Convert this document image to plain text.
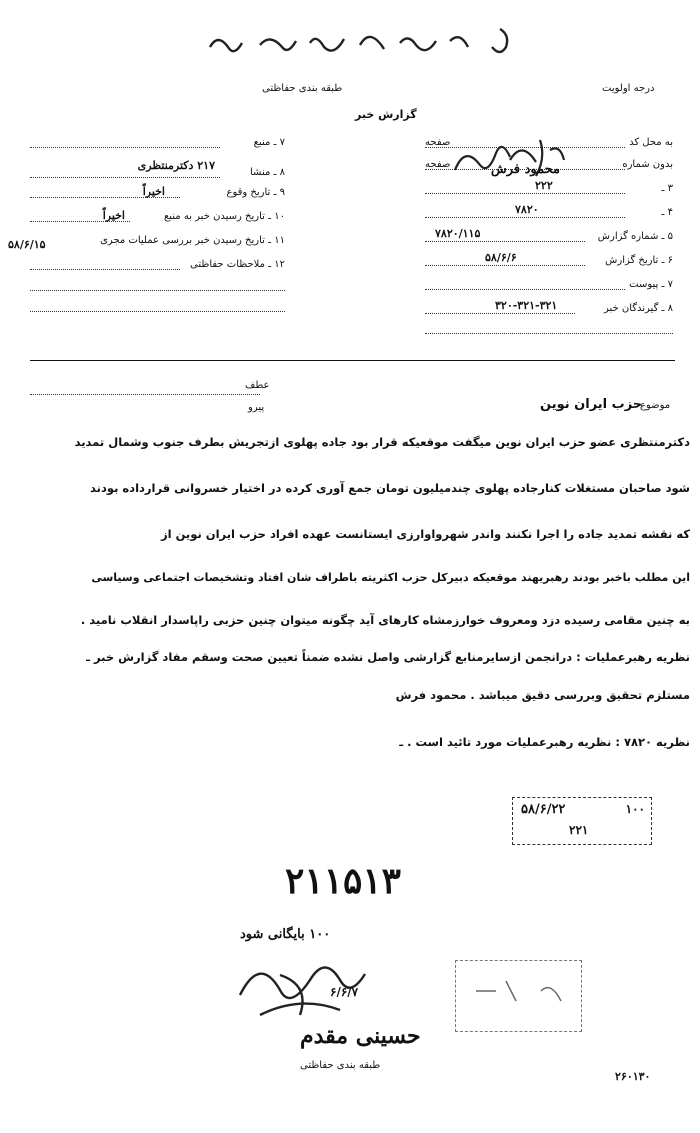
درجه اولویت
طبقه بندی حفاظتی
گزارش خبر
۷ ـ منبع
۸ ـ منشا
۲۱۷ دکترمنتظری
۹ ـ تاریخ وقوع
اخیراً
۱۰ ـ تاریخ رسیدن خبر به منبع
اخیراً
۱۱ ـ تاریخ رسیدن خبر بررسی عملیات مجری
۱۲ ـ ملاحظات حفاظتی
۵۸/۶/۱۵
به محل کد
صفحه
بدون شماره
صفحه
۳ ـ
۲۲۲
۴ ـ
۷۸۲۰
۵ ـ شماره گزارش
۷۸۲۰/۱۱۵
۶ ـ تاریخ گزارش
۵۸/۶/۶
۷ ـ پیوست
۸ ـ گیرندگان خبر
۳۲۰-۳۲۱-۳۲۱
محمود فرش
عطف
پیرو	موضوع
حزب ایران نوین
دکترمنتظری عضو حزب ایران نوین میگفت موقعیکه قرار بود جاده پهلوی ازتجریش بطرف جنوب وشمال تمدید
شود صاحبان مستغلات کنارجاده پهلوی چندمیلیون تومان جمع آوری کرده در اختیار خسروانی قرارداده بودند
که نقشه تمدید جاده را اجرا نکنند واندر شهرواوارزی ایستانست عهده افراد حزب ایران نوین از
این مطلب باخبر بودند رهبریهند موقعیکه دبیرکل حزب اکثریته باطراف شان افتاد وتشخیصات اجتماعی وسیاسی
به چنین مقامی رسیده دزد ومعروف خوارزمشاه کارهای آید چگونه میتوان چنین حزبی راپاسدار انقلاب نامید .
نظریه رهبرعملیات : درانجمن ازسایرمنابع گزارشی واصل نشده ضمناً تعیین صحت وسقم مفاد گزارش خبر ـ
مستلزم تحقیق وبررسی دقیق میباشد . محمود فرش
نظریه ۷۸۲۰ : نظریه رهبرعملیات مورد تائید است . ـ
۵۸/۶/۲۲	۱۰۰
۲۲۱
۲۱۱۵۱۳
۱۰۰ بایگانی شود
۶/۶/۷
حسینی مقدم
طبقه بندی حفاظتی
۲۶۰۱۳۰
